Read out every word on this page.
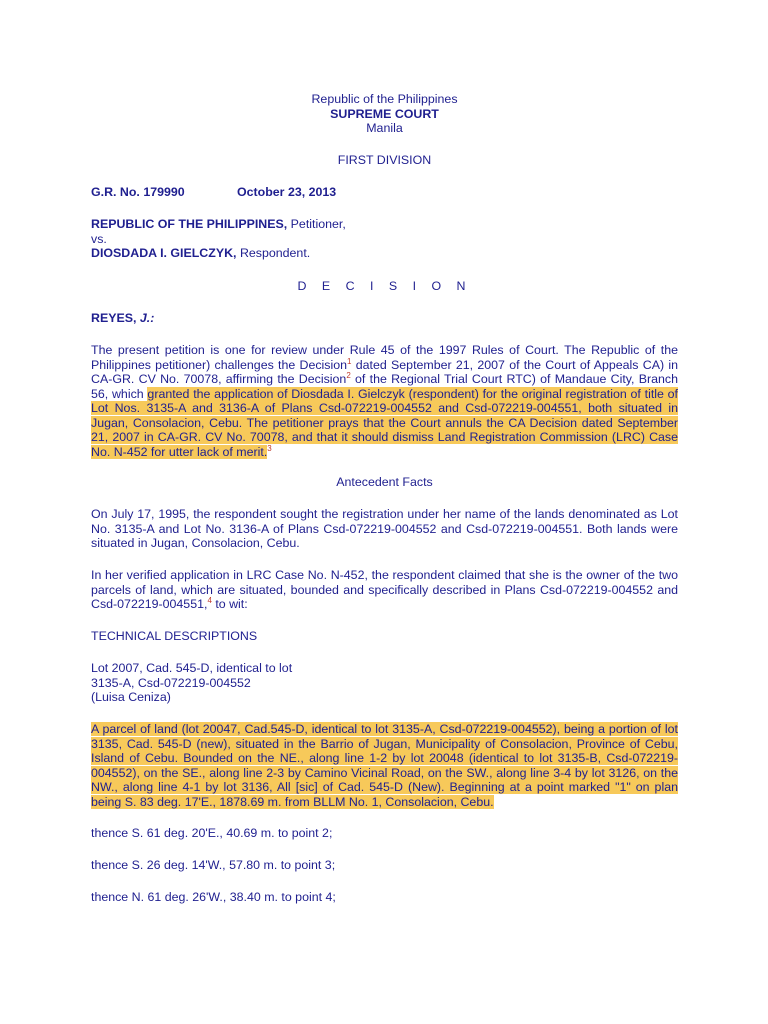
Republic of the Philippines
SUPREME COURT
Manila
FIRST DIVISION
G.R. No. 179990	October 23, 2013
REPUBLIC OF THE PHILIPPINES, Petitioner,
vs.
DIOSDADA I. GIELCZYK, Respondent.
D E C I S I O N
REYES, J.:
The present petition is one for review under Rule 45 of the 1997 Rules of Court. The Republic of the Philippines petitioner) challenges the Decision$^1$ dated September 21, 2007 of the Court of Appeals CA) in CA-GR. CV No. 70078, affirming the Decision$^2$ of the Regional Trial Court RTC) of Mandaue City, Branch 56, which granted the application of Diosdada I. Gielczyk (respondent) for the original registration of title of Lot Nos. 3135-A and 3136-A of Plans Csd-072219-004552 and Csd-072219-004551, both situated in Jugan, Consolacion, Cebu. The petitioner prays that the Court annuls the CA Decision dated September 21, 2007 in CA-GR. CV No. 70078, and that it should dismiss Land Registration Commission (LRC) Case No. N-452 for utter lack of merit.$^3$
Antecedent Facts
On July 17, 1995, the respondent sought the registration under her name of the lands denominated as Lot No. 3135-A and Lot No. 3136-A of Plans Csd-072219-004552 and Csd-072219-004551. Both lands were situated in Jugan, Consolacion, Cebu.
In her verified application in LRC Case No. N-452, the respondent claimed that she is the owner of the two parcels of land, which are situated, bounded and specifically described in Plans Csd-072219-004552 and Csd-072219-004551,$^4$ to wit:
TECHNICAL DESCRIPTIONS
Lot 2007, Cad. 545-D, identical to lot
3135-A, Csd-072219-004552
(Luisa Ceniza)
A parcel of land (lot 20047, Cad.545-D, identical to lot 3135-A, Csd-072219-004552), being a portion of lot 3135, Cad. 545-D (new), situated in the Barrio of Jugan, Municipality of Consolacion, Province of Cebu, Island of Cebu. Bounded on the NE., along line 1-2 by lot 20048 (identical to lot 3135-B, Csd-072219-004552), on the SE., along line 2-3 by Camino Vicinal Road, on the SW., along line 3-4 by lot 3126, on the NW., along line 4-1 by lot 3136, All [sic] of Cad. 545-D (New). Beginning at a point marked "1" on plan being S. 83 deg. 17'E., 1878.69 m. from BLLM No. 1, Consolacion, Cebu.
thence S. 61 deg. 20'E., 40.69 m. to point 2;
thence S. 26 deg. 14'W., 57.80 m. to point 3;
thence N. 61 deg. 26'W., 38.40 m. to point 4;
